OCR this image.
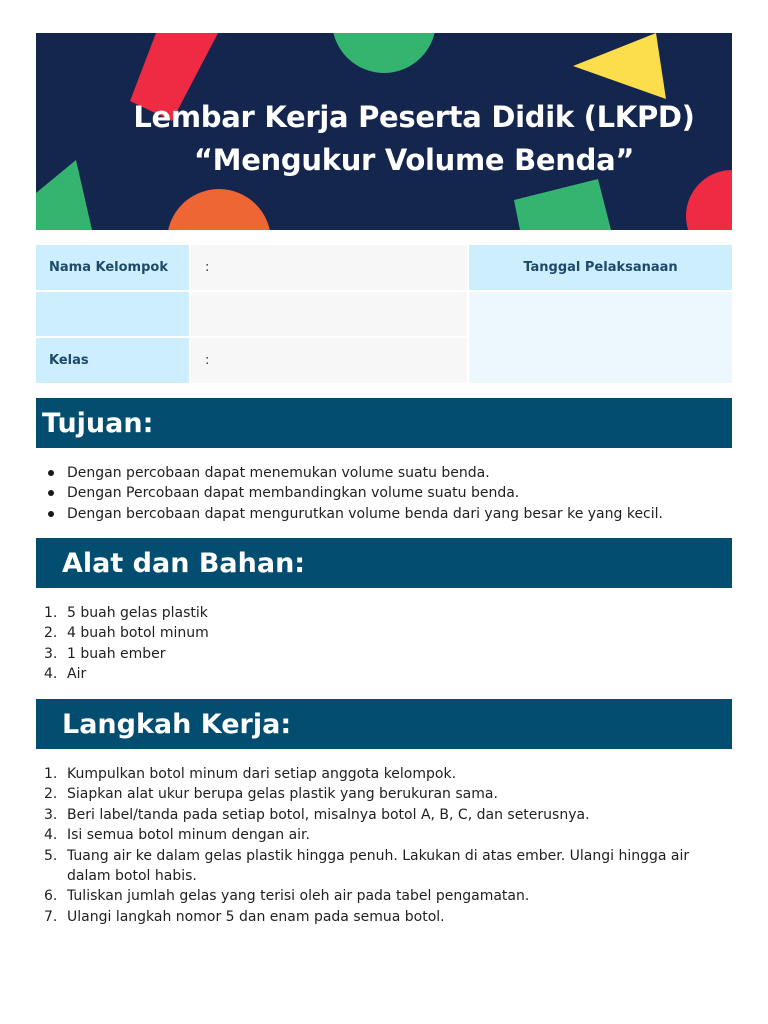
Lembar Kerja Peserta Didik (LKPD)
“Mengukur Volume Benda”
Nama Kelompok	:	Tanggal Pelaksanaan
Kelas	:
Tujuan:
Dengan percobaan dapat menemukan volume suatu benda.
Dengan Percobaan dapat membandingkan volume suatu benda.
Dengan bercobaan dapat mengurutkan volume benda dari yang besar ke yang kecil.
Alat dan Bahan:
1. 5 buah gelas plastik
2. 4 buah botol minum
3. 1 buah ember
4. Air
Langkah Kerja:
1. Kumpulkan botol minum dari setiap anggota kelompok.
2. Siapkan alat ukur berupa gelas plastik yang berukuran sama.
3. Beri label/tanda pada setiap botol, misalnya botol A, B, C, dan seterusnya.
4. Isi semua botol minum dengan air.
5. Tuang air ke dalam gelas plastik hingga penuh. Lakukan di atas ember. Ulangi hingga air dalam botol habis.
6. Tuliskan jumlah gelas yang terisi oleh air pada tabel pengamatan.
7. Ulangi langkah nomor 5 dan enam pada semua botol.
